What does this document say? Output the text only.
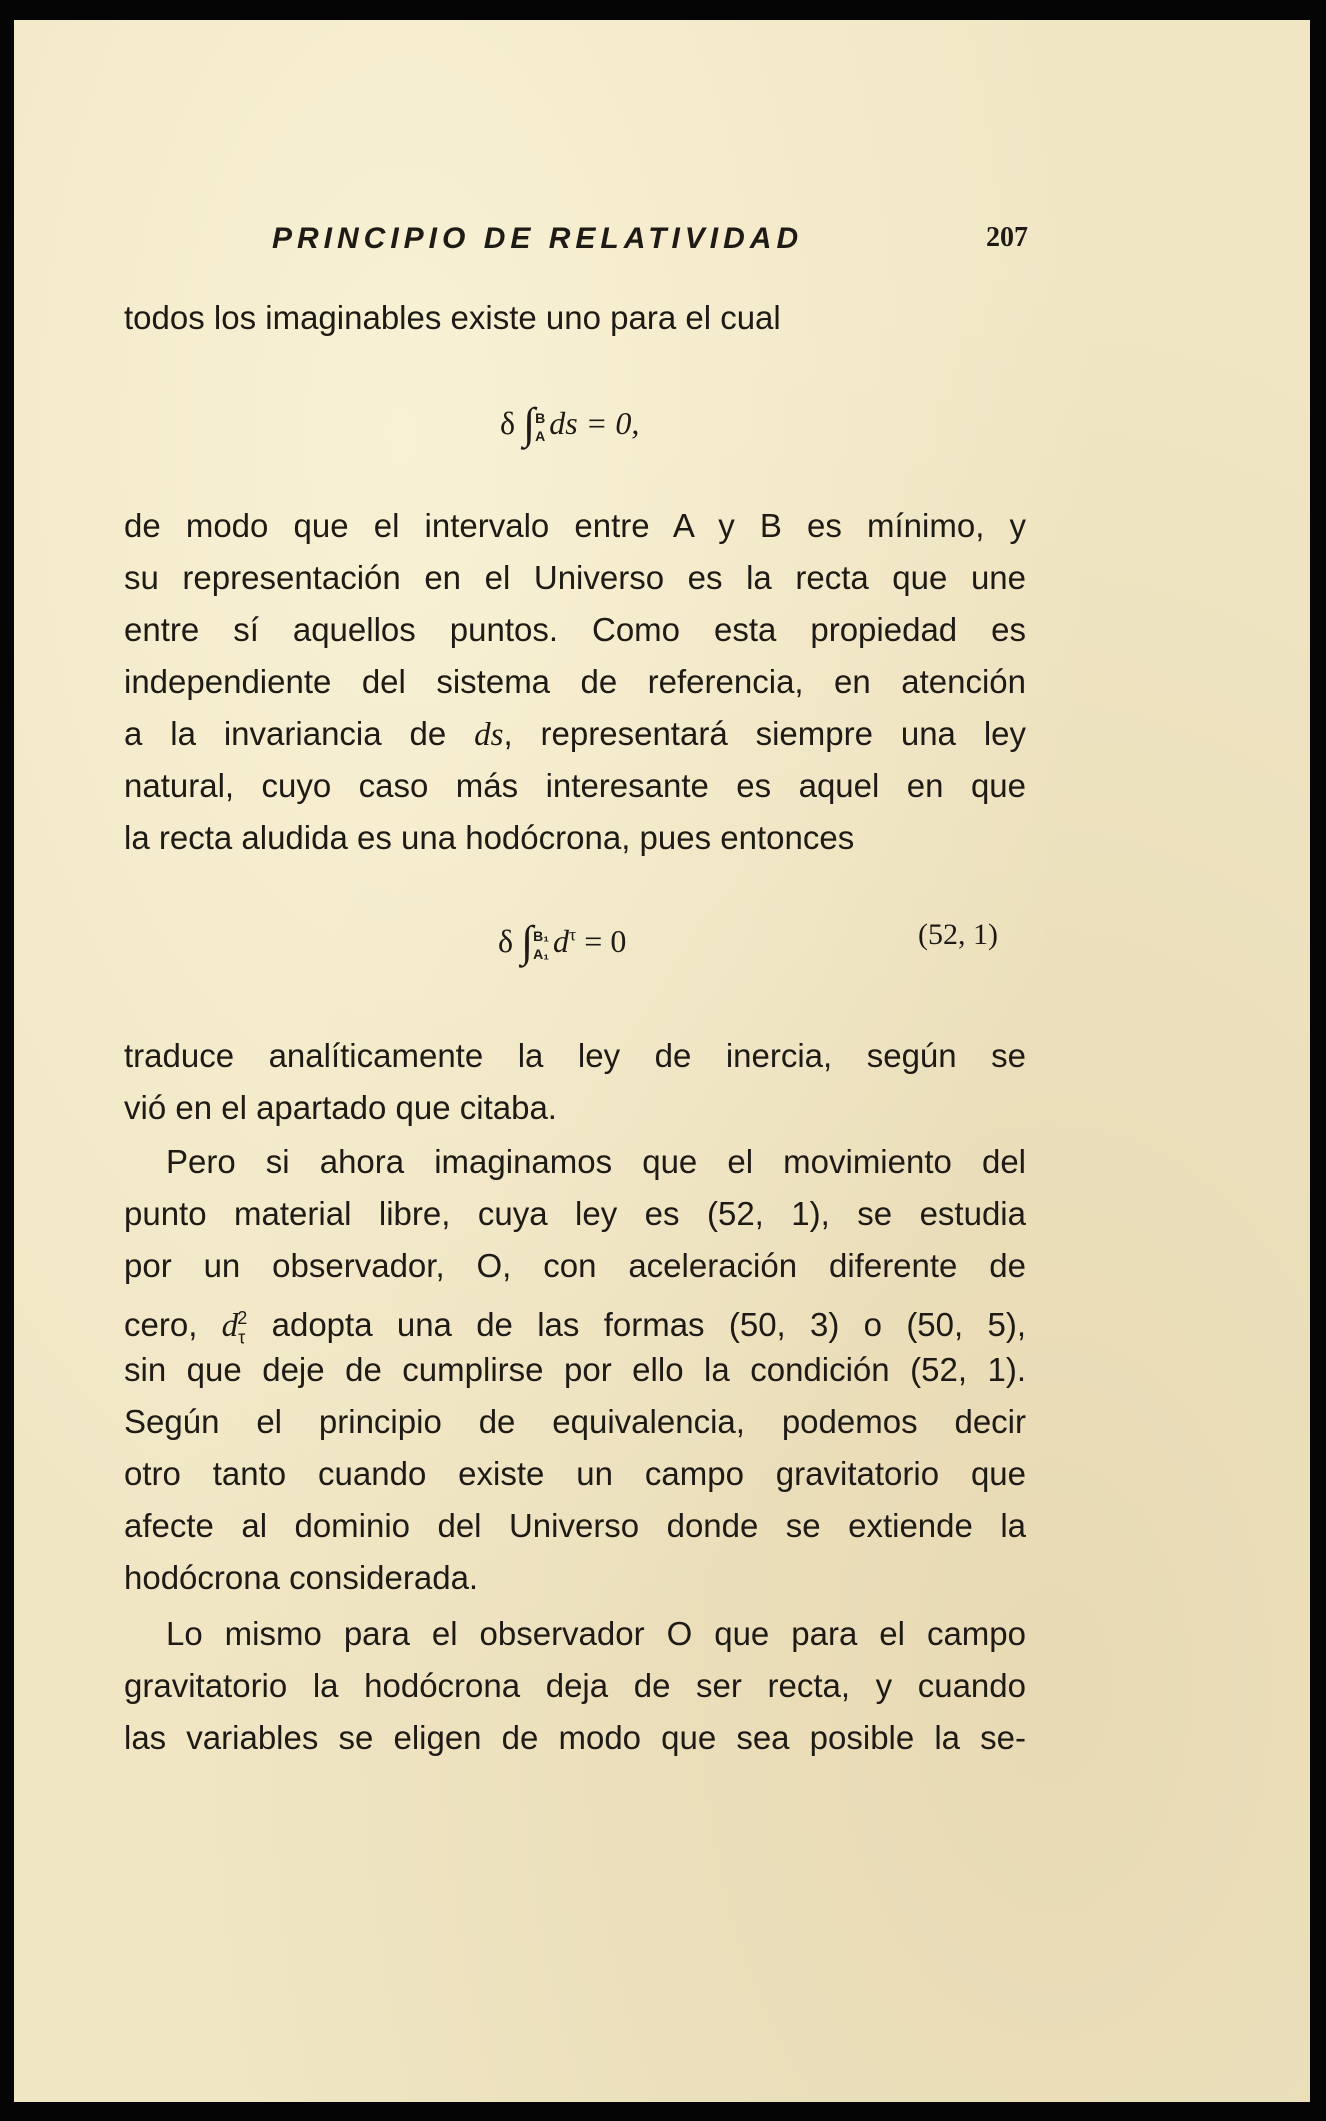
PRINCIPIO DE RELATIVIDAD	207
todos los imaginables existe uno para el cual
δ ∫ B
A ds = 0,
de modo que el intervalo entre A y B es mínimo, y
su representación en el Universo es la recta que une
entre sí aquellos puntos. Como esta propiedad es
independiente del sistema de referencia, en atención
a la invariancia de ds, representará siempre una ley
natural, cuyo caso más interesante es aquel en que
la recta aludida es una hodócrona, pues entonces
δ ∫ B₁
A₁ $d^\tau = 0$	(52, 1)
traduce analíticamente la ley de inercia, según se
vió en el apartado que citaba.
Pero si ahora imaginamos que el movimiento del
punto material libre, cuya ley es (52, 1), se estudia
por un observador, O, con aceleración diferente de
cero, $d_\tau^2$ adopta una de las formas (50, 3) o (50, 5),
sin que deje de cumplirse por ello la condición (52, 1).
Según el principio de equivalencia, podemos decir
otro tanto cuando existe un campo gravitatorio que
afecte al dominio del Universo donde se extiende la
hodócrona considerada.
Lo mismo para el observador O que para el campo
gravitatorio la hodócrona deja de ser recta, y cuando
las variables se eligen de modo que sea posible la se-
